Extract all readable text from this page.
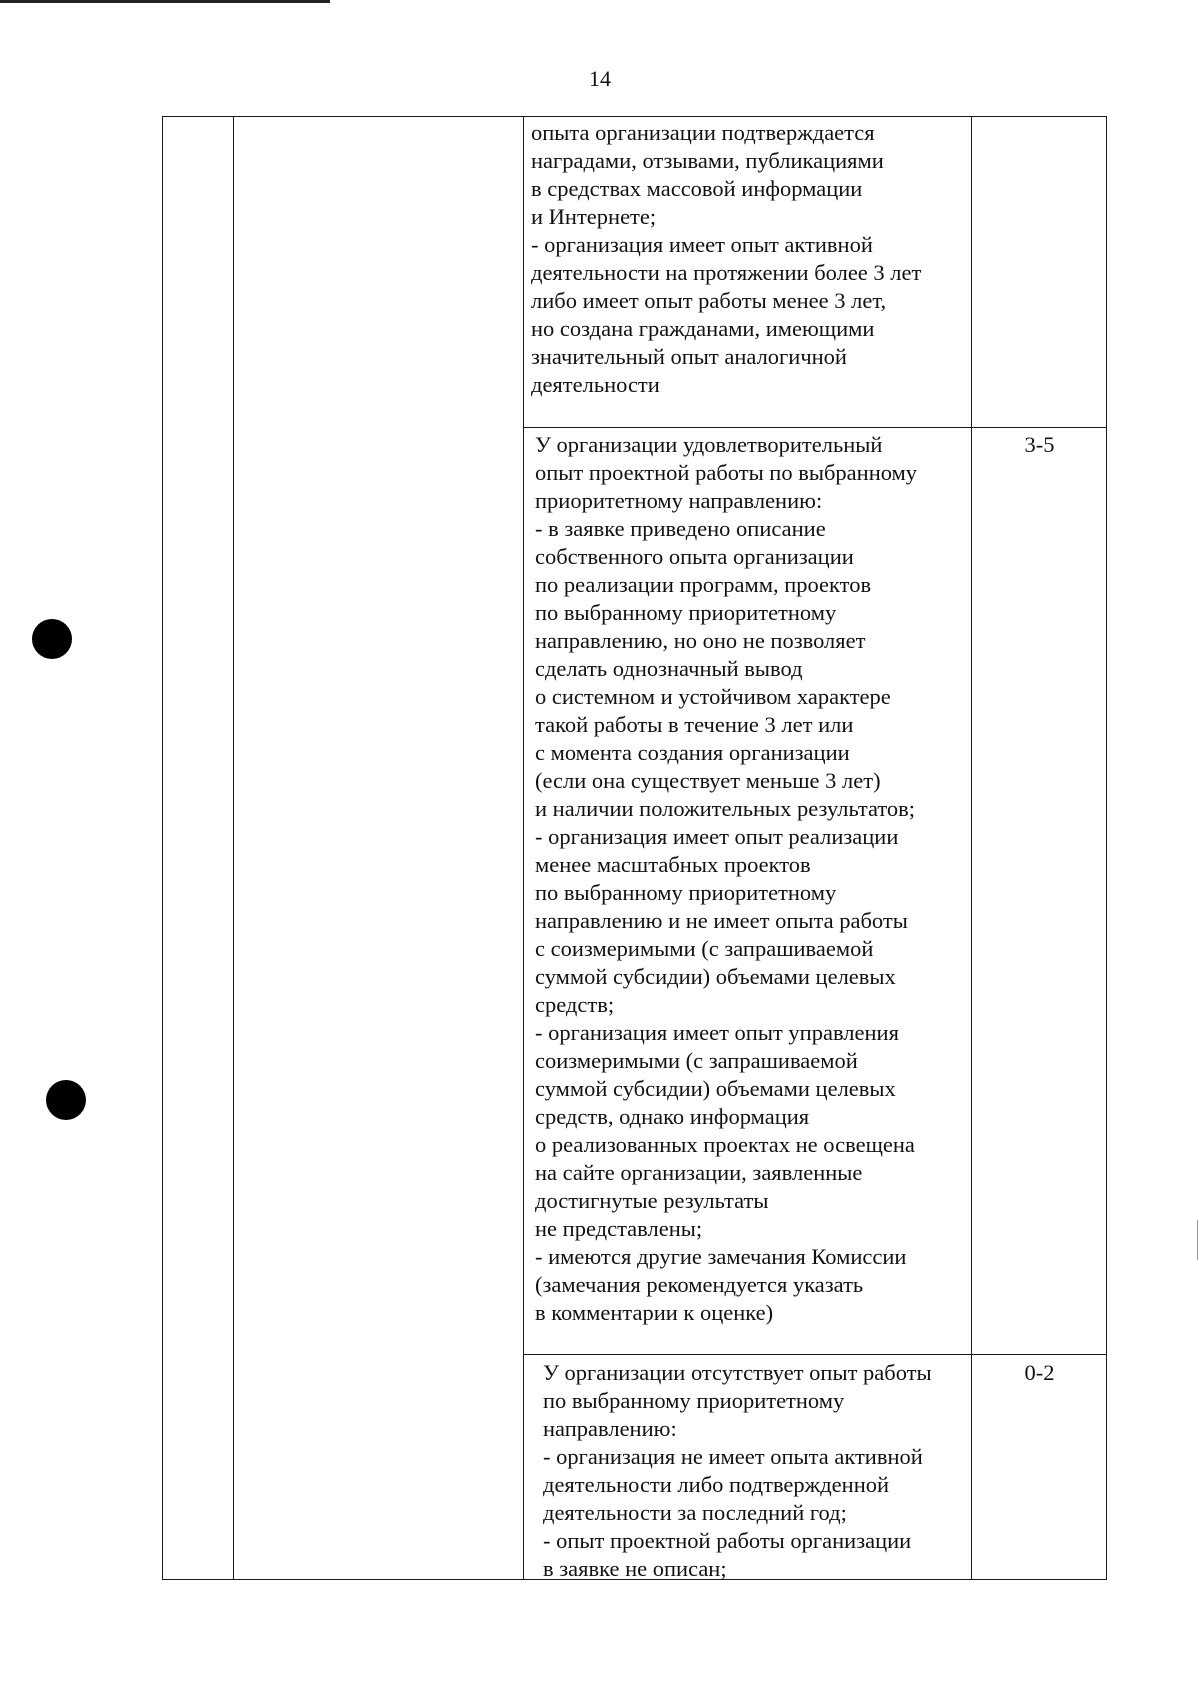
14

опыта организации подтверждается
наградами, отзывами, публикациями
в средствах массовой информации
и Интернете;
- организация имеет опыт активной
деятельности на протяжении более 3 лет
либо имеет опыт работы менее 3 лет,
но создана гражданами, имеющими
значительный опыт аналогичной
деятельности

У организации удовлетворительный
опыт проектной работы по выбранному
приоритетному направлению:
- в заявке приведено описание
собственного опыта организации
по реализации программ, проектов
по выбранному приоритетному
направлению, но оно не позволяет
сделать однозначный вывод
о системном и устойчивом характере
такой работы в течение 3 лет или
с момента создания организации
(если она существует меньше 3 лет)
и наличии положительных результатов;
- организация имеет опыт реализации
менее масштабных проектов
по выбранному приоритетному
направлению и не имеет опыта работы
с соизмеримыми (с запрашиваемой
суммой субсидии) объемами целевых
средств;
- организация имеет опыт управления
соизмеримыми (с запрашиваемой
суммой субсидии) объемами целевых
средств, однако информация
о реализованных проектах не освещена
на сайте организации, заявленные
достигнутые результаты
не представлены;
- имеются другие замечания Комиссии
(замечания рекомендуется указать
в комментарии к оценке)

3-5

У организации отсутствует опыт работы
по выбранному приоритетному
направлению:
- организация не имеет опыта активной
деятельности либо подтвержденной
деятельности за последний год;
- опыт проектной работы организации
в заявке не описан;

0-2
